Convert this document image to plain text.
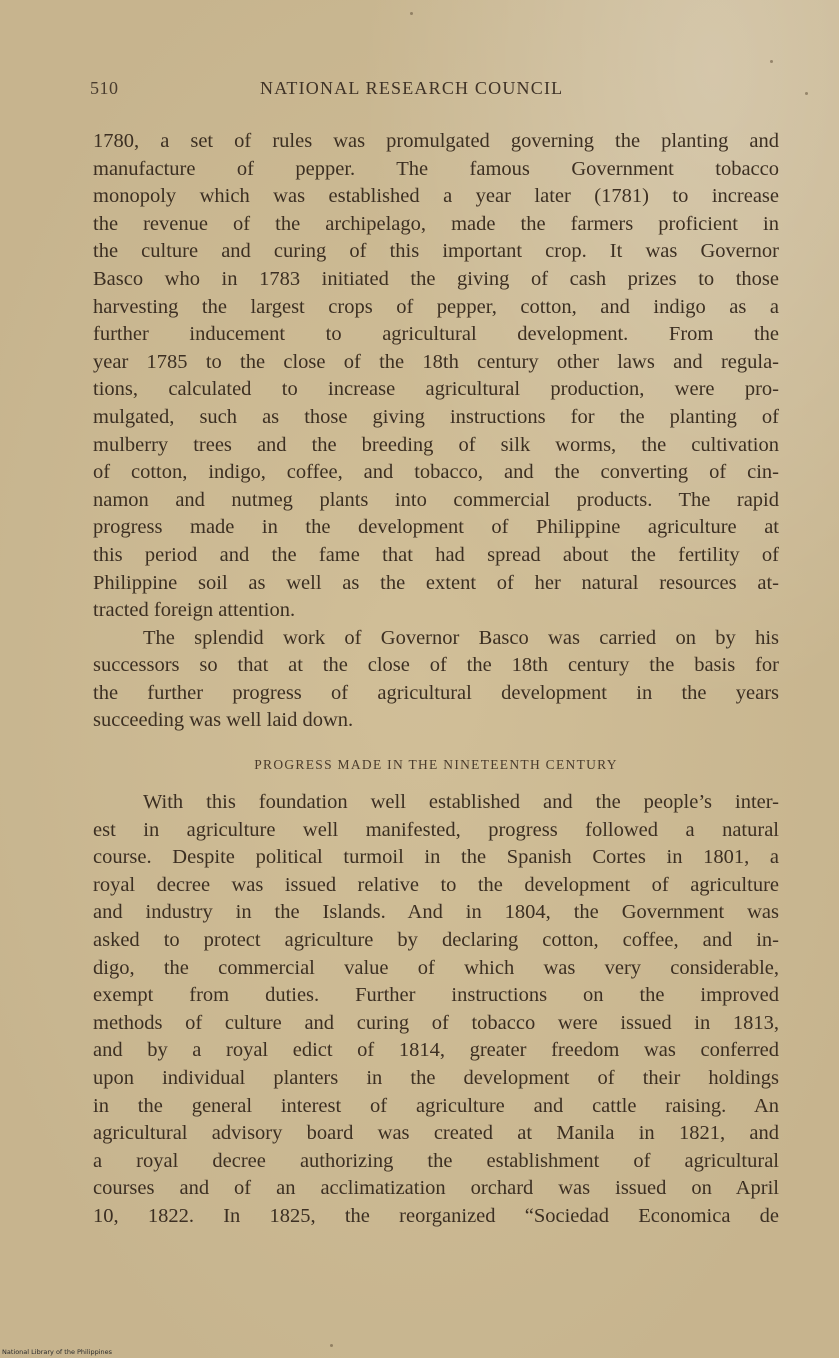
510	NATIONAL RESEARCH COUNCIL
1780, a set of rules was promulgated governing the planting and
manufacture of pepper. The famous Government tobacco
monopoly which was established a year later (1781) to increase
the revenue of the archipelago, made the farmers proficient in
the culture and curing of this important crop. It was Governor
Basco who in 1783 initiated the giving of cash prizes to those
harvesting the largest crops of pepper, cotton, and indigo as a
further inducement to agricultural development. From the
year 1785 to the close of the 18th century other laws and regula-
tions, calculated to increase agricultural production, were pro-
mulgated, such as those giving instructions for the planting of
mulberry trees and the breeding of silk worms, the cultivation
of cotton, indigo, coffee, and tobacco, and the converting of cin-
namon and nutmeg plants into commercial products. The rapid
progress made in the development of Philippine agriculture at
this period and the fame that had spread about the fertility of
Philippine soil as well as the extent of her natural resources at-
tracted foreign attention.
The splendid work of Governor Basco was carried on by his
successors so that at the close of the 18th century the basis for
the further progress of agricultural development in the years
succeeding was well laid down.
PROGRESS MADE IN THE NINETEENTH CENTURY
With this foundation well established and the people’s inter-
est in agriculture well manifested, progress followed a natural
course. Despite political turmoil in the Spanish Cortes in 1801, a
royal decree was issued relative to the development of agriculture
and industry in the Islands. And in 1804, the Government was
asked to protect agriculture by declaring cotton, coffee, and in-
digo, the commercial value of which was very considerable,
exempt from duties. Further instructions on the improved
methods of culture and curing of tobacco were issued in 1813,
and by a royal edict of 1814, greater freedom was conferred
upon individual planters in the development of their holdings
in the general interest of agriculture and cattle raising. An
agricultural advisory board was created at Manila in 1821, and
a royal decree authorizing the establishment of agricultural
courses and of an acclimatization orchard was issued on April
10, 1822. In 1825, the reorganized “Sociedad Economica de
National Library of the Philippines
